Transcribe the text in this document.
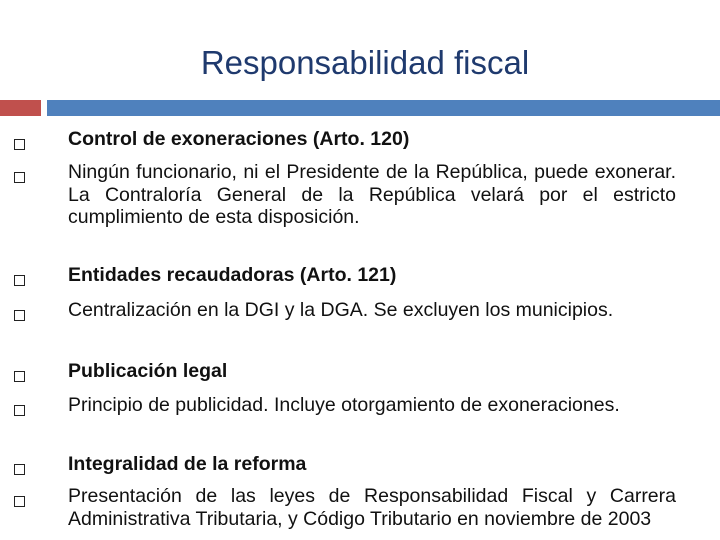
Responsabilidad fiscal
Control de exoneraciones (Arto. 120)
Ningún funcionario, ni el Presidente de la República, puede exonerar. La Contraloría General de la República velará por el estricto cumplimiento de esta disposición.
Entidades recaudadoras (Arto. 121)
Centralización en la DGI y la DGA. Se excluyen los municipios.
Publicación legal
Principio de publicidad. Incluye otorgamiento de exoneraciones.
Integralidad de la reforma
Presentación de las leyes de Responsabilidad Fiscal y Carrera Administrativa Tributaria, y Código Tributario en noviembre de 2003
